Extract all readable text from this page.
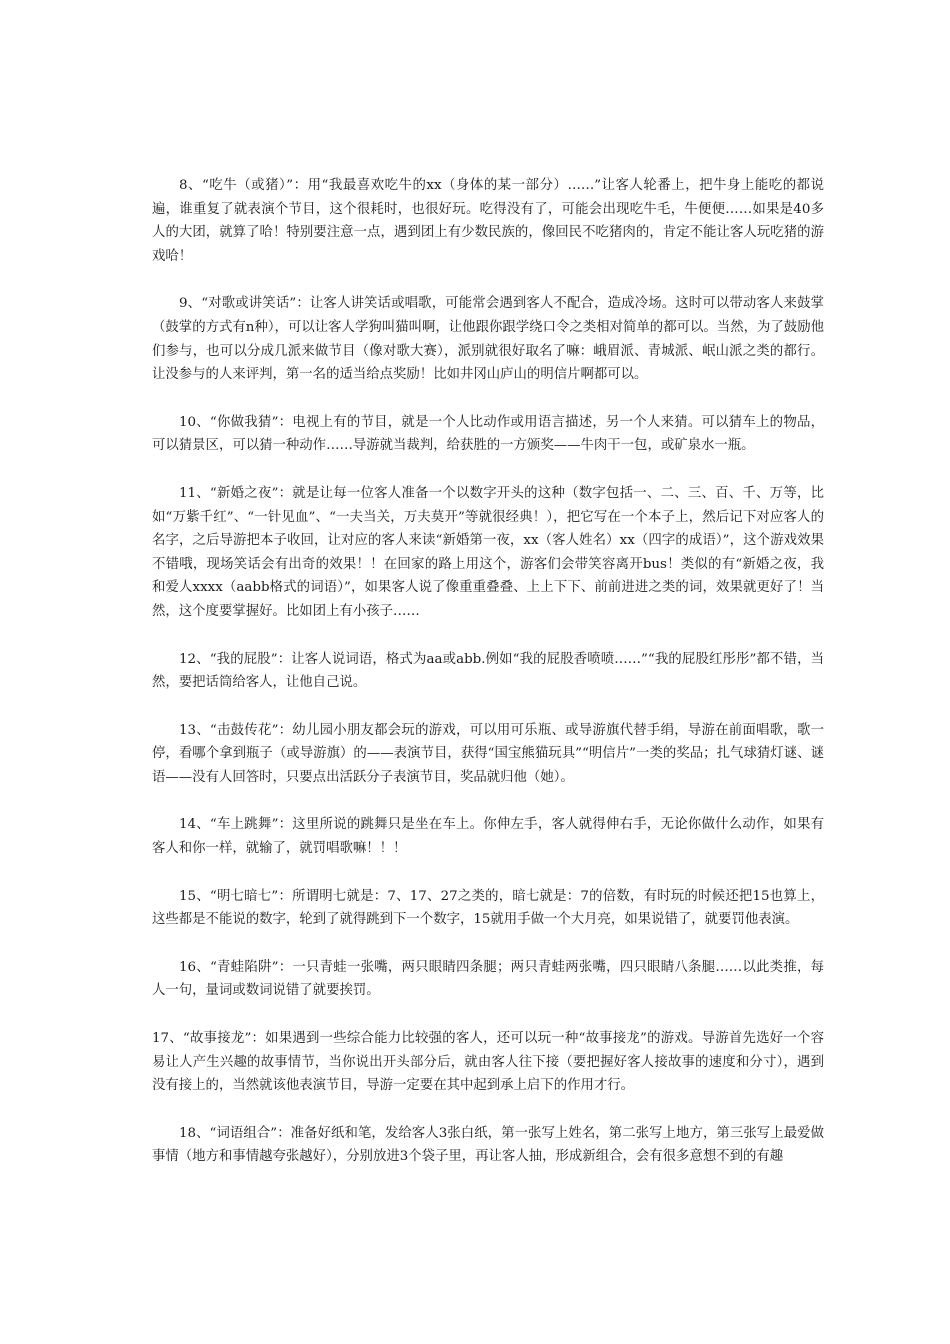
8、“吃牛（或猪）”：用“我最喜欢吃牛的xx（身体的某一部分）……”让客人轮番上，把牛身上能吃的都说遍，谁重复了就表演个节目，这个很耗时，也很好玩。吃得没有了，可能会出现吃牛毛，牛便便……如果是40多人的大团，就算了哈！特别要注意一点，遇到团上有少数民族的，像回民不吃猪肉的，肯定不能让客人玩吃猪的游戏哈！

9、“对歌或讲笑话”：让客人讲笑话或唱歌，可能常会遇到客人不配合，造成冷场。这时可以带动客人来鼓掌（鼓掌的方式有n种），可以让客人学狗叫猫叫啊，让他跟你跟学绕口令之类相对简单的都可以。当然，为了鼓励他们参与，也可以分成几派来做节目（像对歌大赛），派别就很好取名了嘛：峨眉派、青城派、岷山派之类的都行。让没参与的人来评判，第一名的适当给点奖励！比如井冈山庐山的明信片啊都可以。

10、“你做我猜”：电视上有的节目，就是一个人比动作或用语言描述，另一个人来猜。可以猜车上的物品，可以猜景区，可以猜一种动作……导游就当裁判，给获胜的一方颁奖——牛肉干一包，或矿泉水一瓶。

11、“新婚之夜”：就是让每一位客人准备一个以数字开头的这种（数字包括一、二、三、百、千、万等，比如“万紫千红”、“一针见血”、“一夫当关，万夫莫开”等就很经典！），把它写在一个本子上，然后记下对应客人的名字，之后导游把本子收回，让对应的客人来读“新婚第一夜，xx（客人姓名）xx（四字的成语）”，这个游戏效果不错哦，现场笑话会有出奇的效果！！在回家的路上用这个，游客们会带笑容离开bus！类似的有“新婚之夜，我和爱人xxxx（aabb格式的词语）”，如果客人说了像重重叠叠、上上下下、前前进进之类的词，效果就更好了！当然，这个度要掌握好。比如团上有小孩子……

12、“我的屁股”：让客人说词语，格式为aa或abb.例如“我的屁股香喷喷……”“我的屁股红彤彤”都不错，当然，要把话筒给客人，让他自己说。

13、“击鼓传花”：幼儿园小朋友都会玩的游戏，可以用可乐瓶、或导游旗代替手绢，导游在前面唱歌，歌一停，看哪个拿到瓶子（或导游旗）的——表演节目，获得“国宝熊猫玩具”“明信片”一类的奖品；扎气球猜灯谜、谜语——没有人回答时，只要点出活跃分子表演节目，奖品就归他（她）。

14、“车上跳舞”：这里所说的跳舞只是坐在车上。你伸左手，客人就得伸右手，无论你做什么动作，如果有客人和你一样，就输了，就罚唱歌嘛！！！

15、“明七暗七”：所谓明七就是：7、17、27之类的，暗七就是：7的倍数，有时玩的时候还把15也算上，这些都是不能说的数字，轮到了就得跳到下一个数字，15就用手做一个大月亮，如果说错了，就要罚他表演。

16、“青蛙陷阱”：一只青蛙一张嘴，两只眼睛四条腿；两只青蛙两张嘴，四只眼睛八条腿……以此类推，每人一句，量词或数词说错了就要挨罚。

17、“故事接龙”：如果遇到一些综合能力比较强的客人，还可以玩一种“故事接龙”的游戏。导游首先选好一个容易让人产生兴趣的故事情节，当你说出开头部分后，就由客人往下接（要把握好客人接故事的速度和分寸），遇到没有接上的，当然就该他表演节目，导游一定要在其中起到承上启下的作用才行。

18、“词语组合”：准备好纸和笔，发给客人3张白纸，第一张写上姓名，第二张写上地方，第三张写上最爱做事情（地方和事情越夸张越好），分别放进3个袋子里，再让客人抽，形成新组合，会有很多意想不到的有趣
